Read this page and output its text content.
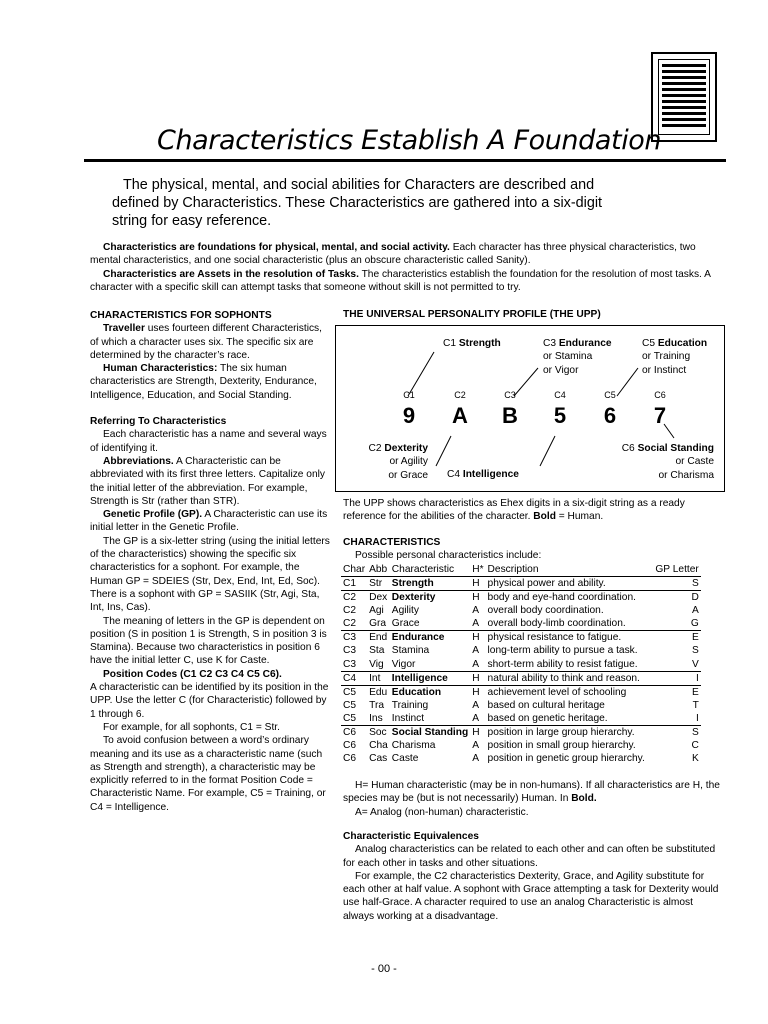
Characteristics Establish A Foundation

The physical, mental, and social abilities for Characters are described and defined by Characteristics. These Characteristics are gathered into a six-digit string for easy reference.

Characteristics are foundations for physical, mental, and social activity. Each character has three physical characteristics, two mental characteristics, and one social characteristic (plus an obscure characteristic called Sanity).

Characteristics are Assets in the resolution of Tasks. The characteristics establish the foundation for the resolution of most tasks. A character with a specific skill can attempt tasks that someone without skill is not permitted to try.

CHARACTERISTICS FOR SOPHONTS

Traveller uses fourteen different Characteristics, of which a character uses six. The specific six are determined by the character’s race.

Human Characteristics: The six human characteristics are Strength, Dexterity, Endurance, Intelligence, Education, and Social Standing.

Referring To Characteristics

Each characteristic has a name and several ways of identifying it.

Abbreviations. A Characteristic can be abbreviated with its first three letters. Capitalize only the initial letter of the abbreviation. For example, Strength is Str (rather than STR).

Genetic Profile (GP). A Characteristic can use its initial letter in the Genetic Profile.

The GP is a six-letter string (using the initial letters of the characteristics) showing the specific six characteristics for a sophont. For example, the Human GP = SDEIES (Str, Dex, End, Int, Ed, Soc). There is a sophont with GP = SASIIK (Str, Agi, Sta, Int, Ins, Cas).

The meaning of letters in the GP is dependent on position (S in position 1 is Strength, S in position 3 is Stamina). Because two characteristics in position 6 have the initial letter C, use K for Caste.

Position Codes (C1 C2 C3 C4 C5 C6).

A characteristic can be identified by its position in the UPP. Use the letter C (for Characteristic) followed by 1 through 6.

For example, for all sophonts, C1 = Str.

To avoid confusion between a word’s ordinary meaning and its use as a characteristic name (such as Strength and strength), a characteristic may be explicitly referred to in the format Position Code = Characteristic Name. For example, C5 = Training, or C4 = Intelligence.

THE UNIVERSAL PERSONALITY PROFILE (THE UPP)
C1 Strength	C3 Endurance
or Stamina
or Vigor
C5 Education
or Training
or Instinct
C1	C2	C3	C4	C5	C6
9	A	B	5	6	7
C2 Dexterity
or Agility
or Grace C4 Intelligence
C6 Social Standing
or Caste
or Charisma

The UPP shows characteristics as Ehex digits in a six-digit string as a ready reference for the abilities of the character. Bold = Human.

CHARACTERISTICS

Possible personal characteristics include:

Char	Abb	Characteristic	H*	Description	GP Letter
C1	Str	Strength	H	physical power and ability.	S
C2	Dex	Dexterity	H	body and eye-hand coordination.	D
C2	Agi	Agility	A	overall body coordination.	A
C2	Gra	Grace	A	overall body-limb coordination.	G
C3	End	Endurance	H	physical resistance to fatigue.	E
C3	Sta	Stamina	A	long-term ability to pursue a task.	S
C3	Vig	Vigor	A	short-term ability to resist fatigue.	V
C4	Int	Intelligence	H	natural ability to think and reason.	I
C5	Edu	Education	H	achievement level of schooling	E
C5	Tra	Training	A	based on cultural heritage	T
C5	Ins	Instinct	A	based on genetic heritage.	I
C6	Soc	Social Standing	H	position in large group hierarchy.	S
C6	Cha	Charisma	A	position in small group hierarchy.	C
C6	Cas	Caste	A	position in genetic group hierarchy.	K

H= Human characteristic (may be in non-humans). If all characteristics are H, the species may be (but is not necessarily) Human. In Bold.

A= Analog (non-human) characteristic.

Characteristic Equivalences

Analog characteristics can be related to each other and can often be substituted for each other in tasks and other situations.

For example, the C2 characteristics Dexterity, Grace, and Agility substitute for each other at half value. A sophont with Grace attempting a task for Dexterity would use half-Grace. A character required to use an analog Characteristic is almost always working at a disadvantage.

- 00 -
